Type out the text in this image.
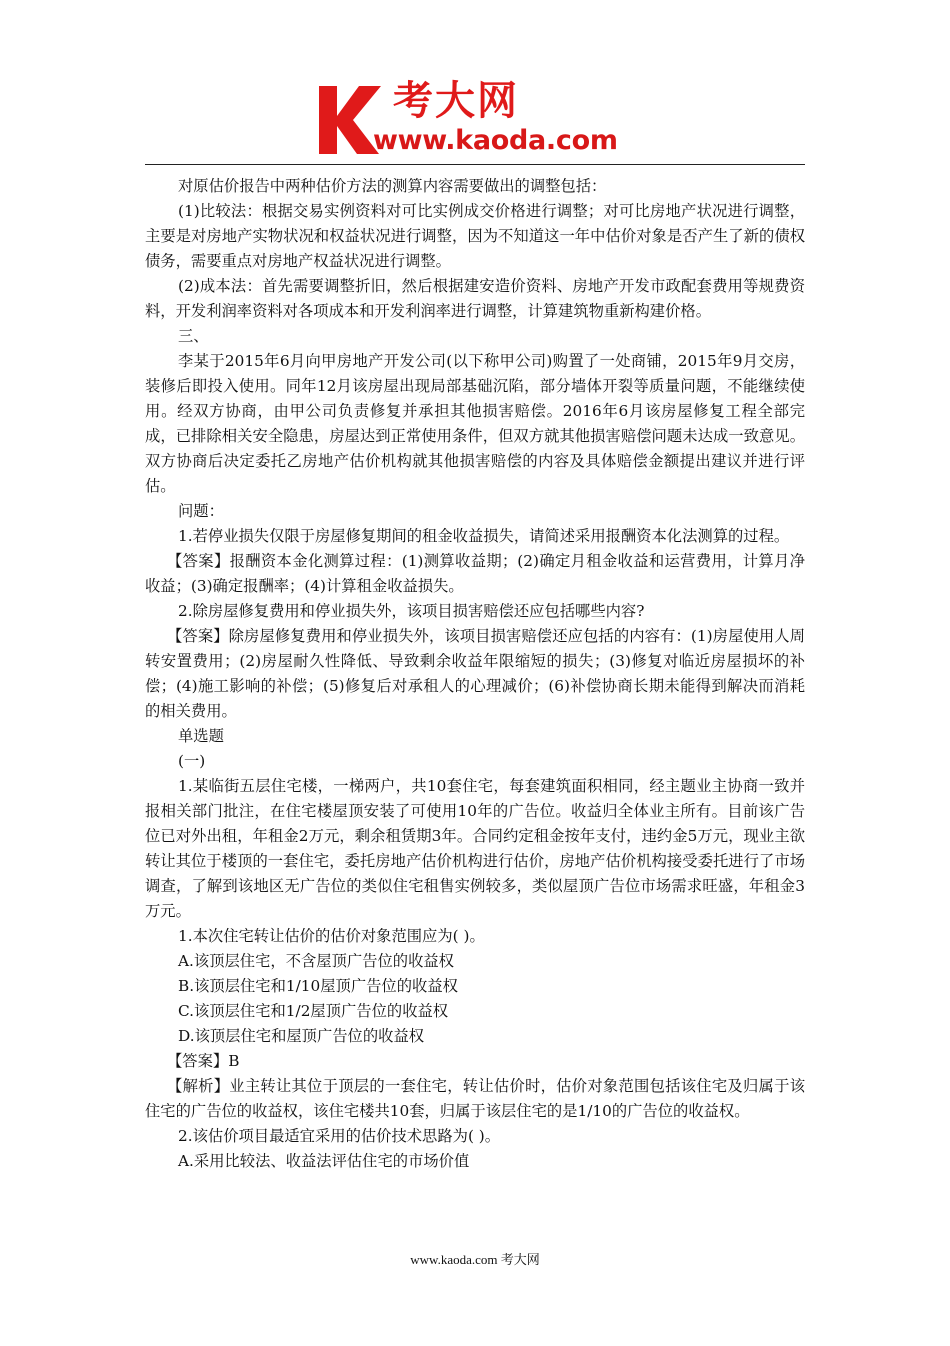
考大网
www.kaoda.com

对原估价报告中两种估价方法的测算内容需要做出的调整包括：

(1)比较法：根据交易实例资料对可比实例成交价格进行调整；对可比房地产状况进行调整，主要是对房地产实物状况和权益状况进行调整，因为不知道这一年中估价对象是否产生了新的债权债务，需要重点对房地产权益状况进行调整。

(2)成本法：首先需要调整折旧，然后根据建安造价资料、房地产开发市政配套费用等规费资料，开发利润率资料对各项成本和开发利润率进行调整，计算建筑物重新构建价格。

三、

李某于2015年6月向甲房地产开发公司(以下称甲公司)购置了一处商铺，2015年9月交房，装修后即投入使用。同年12月该房屋出现局部基础沉陷，部分墙体开裂等质量问题，不能继续使用。经双方协商，由甲公司负责修复并承担其他损害赔偿。2016年6月该房屋修复工程全部完成，已排除相关安全隐患，房屋达到正常使用条件，但双方就其他损害赔偿问题未达成一致意见。双方协商后决定委托乙房地产估价机构就其他损害赔偿的内容及具体赔偿金额提出建议并进行评估。

问题：

1.若停业损失仅限于房屋修复期间的租金收益损失，请简述采用报酬资本化法测算的过程。

【答案】报酬资本金化测算过程：(1)测算收益期；(2)确定月租金收益和运营费用，计算月净收益；(3)确定报酬率；(4)计算租金收益损失。

2.除房屋修复费用和停业损失外，该项目损害赔偿还应包括哪些内容?

【答案】除房屋修复费用和停业损失外，该项目损害赔偿还应包括的内容有：(1)房屋使用人周转安置费用；(2)房屋耐久性降低、导致剩余收益年限缩短的损失；(3)修复对临近房屋损坏的补偿；(4)施工影响的补偿；(5)修复后对承租人的心理减价；(6)补偿协商长期未能得到解决而消耗的相关费用。

单选题

(一)

1.某临街五层住宅楼，一梯两户，共10套住宅，每套建筑面积相同，经主题业主协商一致并报相关部门批注，在住宅楼屋顶安装了可使用10年的广告位。收益归全体业主所有。目前该广告位已对外出租，年租金2万元，剩余租赁期3年。合同约定租金按年支付，违约金5万元，现业主欲转让其位于楼顶的一套住宅，委托房地产估价机构进行估价，房地产估价机构接受委托进行了市场调查，了解到该地区无广告位的类似住宅租售实例较多，类似屋顶广告位市场需求旺盛，年租金3万元。

1.本次住宅转让估价的估价对象范围应为( )。

A.该顶层住宅，不含屋顶广告位的收益权

B.该顶层住宅和1/10屋顶广告位的收益权

C.该顶层住宅和1/2屋顶广告位的收益权

D.该顶层住宅和屋顶广告位的收益权

【答案】B

【解析】业主转让其位于顶层的一套住宅，转让估价时，估价对象范围包括该住宅及归属于该住宅的广告位的收益权，该住宅楼共10套，归属于该层住宅的是1/10的广告位的收益权。

2.该估价项目最适宜采用的估价技术思路为( )。

A.采用比较法、收益法评估住宅的市场价值

www.kaoda.com 考大网
